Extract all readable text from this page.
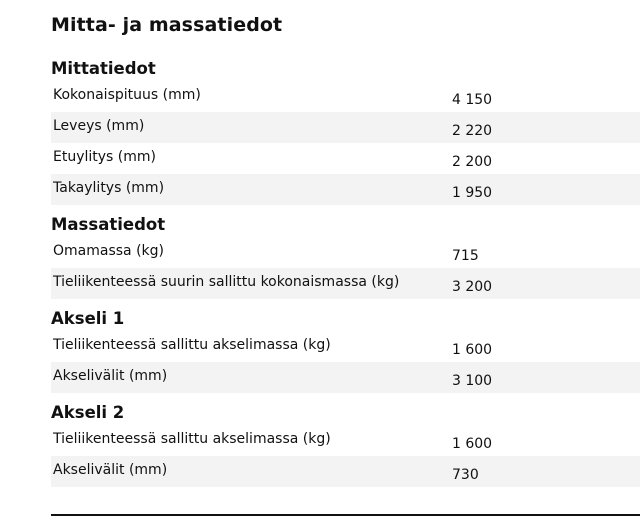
Mitta- ja massatiedot
Mittatiedot
Kokonaispituus (mm)	4 150
Leveys (mm)	2 220
Etuylitys (mm)	2 200
Takaylitys (mm)	1 950
Massatiedot
Omamassa (kg)	715
Tieliikenteessä suurin sallittu kokonaismassa (kg)	3 200
Akseli 1
Tieliikenteessä sallittu akselimassa (kg)	1 600
Akselivälit (mm)	3 100
Akseli 2
Tieliikenteessä sallittu akselimassa (kg)	1 600
Akselivälit (mm)	730
